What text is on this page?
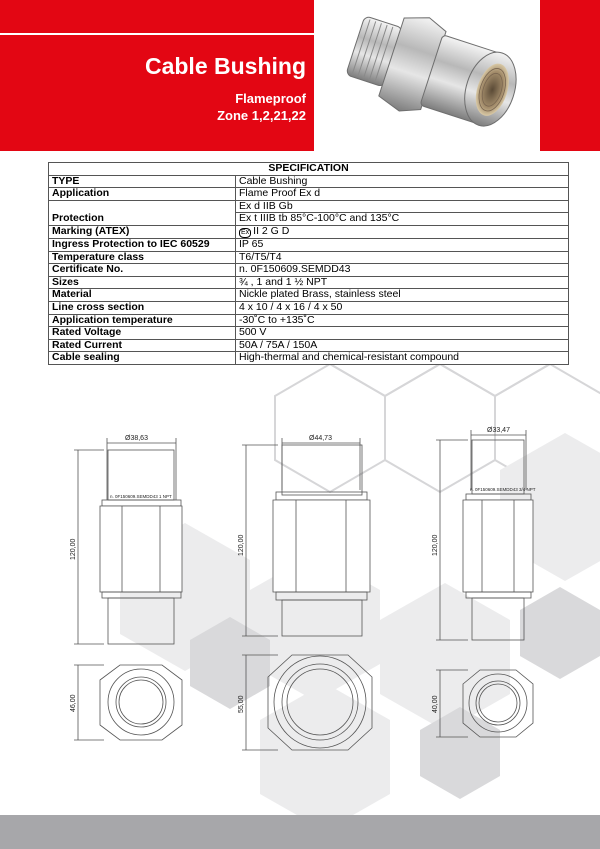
Cable Bushing
Flameproof
Zone 1,2,21,22
SPECIFICATION	
TYPE	Cable Bushing
Application	Flame Proof Ex d
Protection	Ex d IIB Gb
	Ex t IIIB tb 85°C-100°C and 135°C
Marking (ATEX)	Ex II 2 G D
Ingress Protection to IEC 60529	IP 65
Temperature class	T6/T5/T4
Certificate No.	n. 0F150609.SEMDD43
Sizes	¾ , 1 and 1 ½ NPT
Material	Nickle plated Brass, stainless steel
Line cross section	4 x 10 / 4 x 16 / 4 x 50
Application temperature	-30˚C to +135˚C
Rated Voltage	500 V
Rated Current	50A / 75A / 150A
Cable sealing	High-thermal and chemical-resistant compound
Ø38,63
n. 0F150609.SEMDD43 1 NPT
120,00
46,00
Ø44,73
120,00
55,00
Ø33,47
n. 0F150609.SEMDD43 3/4 NPT
120,00
40,00
